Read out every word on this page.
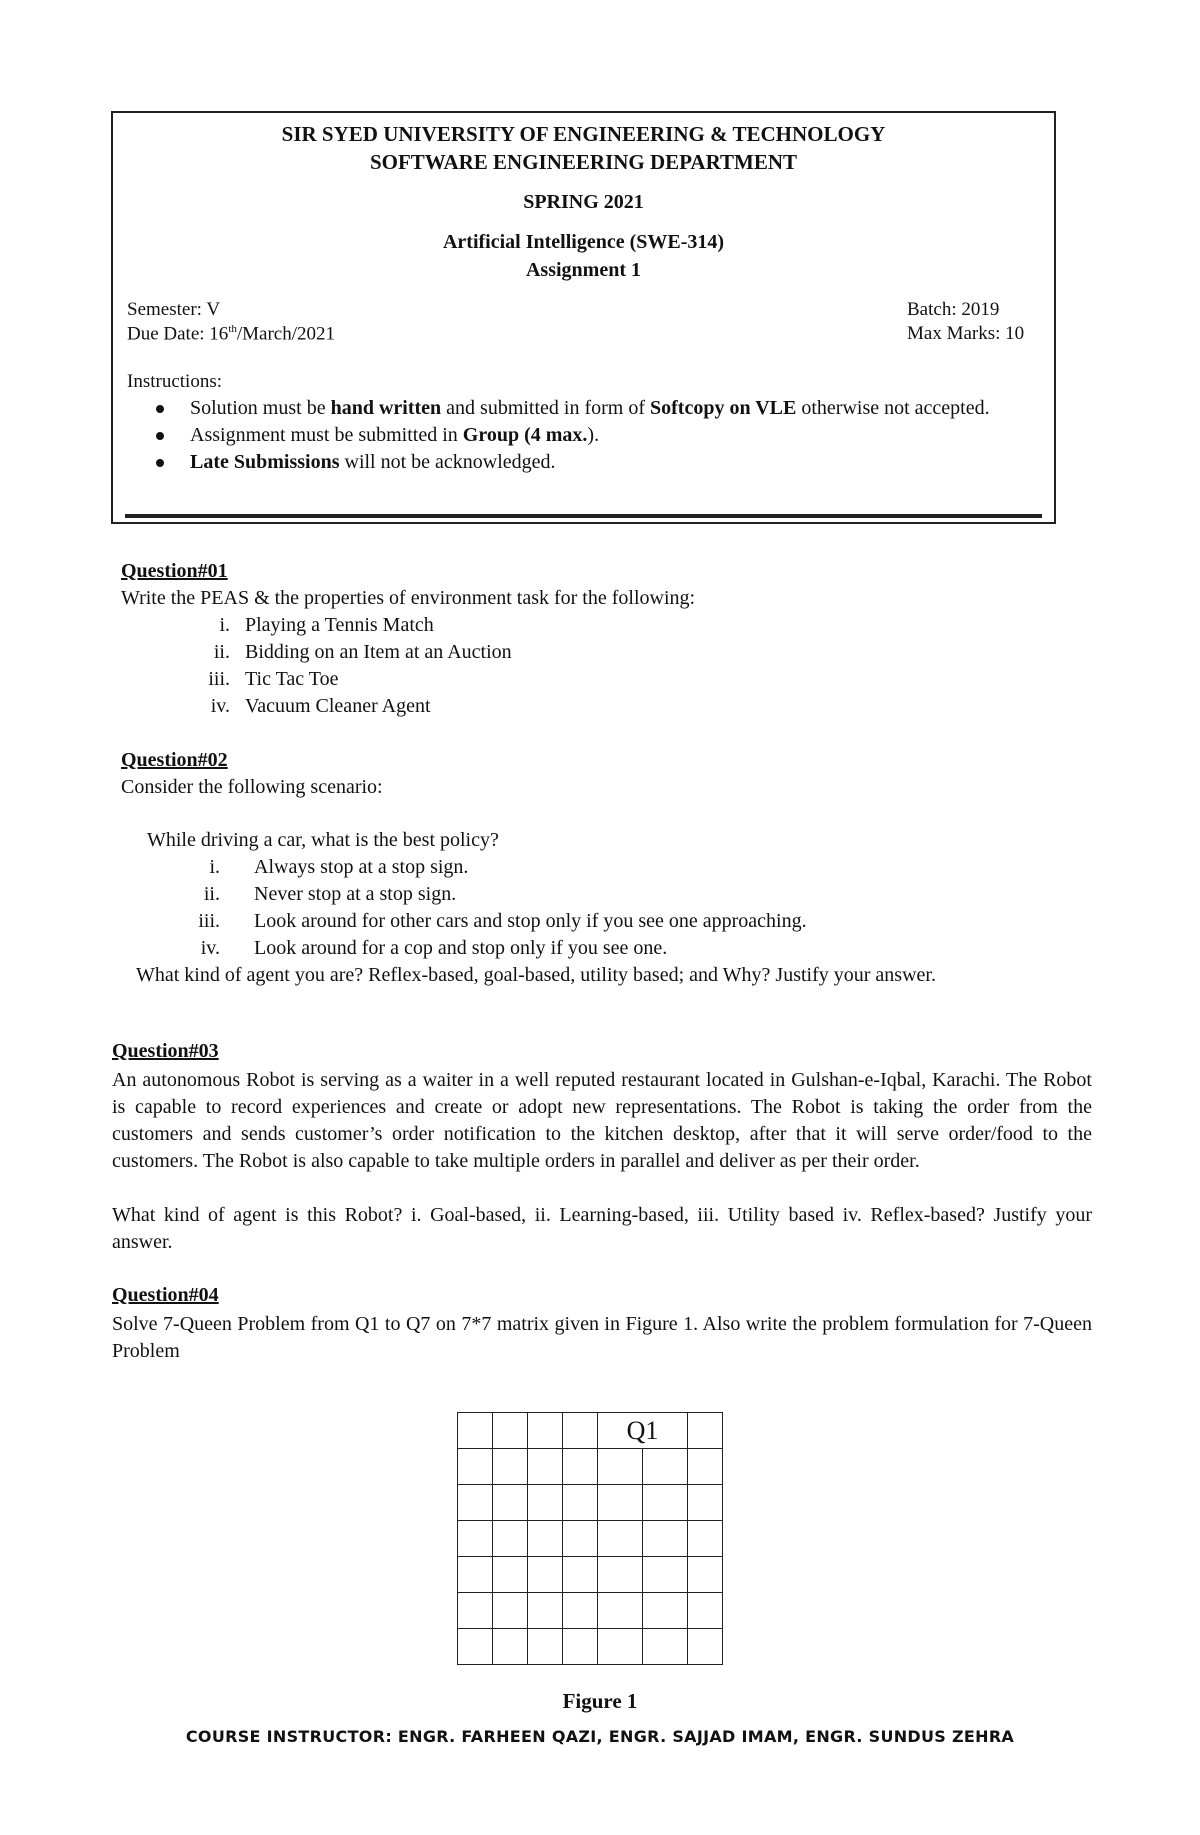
SIR SYED UNIVERSITY OF ENGINEERING & TECHNOLOGY
SOFTWARE ENGINEERING DEPARTMENT
SPRING 2021
Artificial Intelligence (SWE-314)
Assignment 1
Semester: V
Due Date: 16th/March/2021
Batch: 2019
Max Marks: 10
Instructions:
Solution must be hand written and submitted in form of Softcopy on VLE otherwise not accepted.
Assignment must be submitted in Group (4 max.).
Late Submissions will not be acknowledged.
Question#01
Write the PEAS & the properties of environment task for the following:
i. Playing a Tennis Match
ii. Bidding on an Item at an Auction
iii. Tic Tac Toe
iv. Vacuum Cleaner Agent
Question#02
Consider the following scenario:
While driving a car, what is the best policy?
i. Always stop at a stop sign.
ii. Never stop at a stop sign.
iii. Look around for other cars and stop only if you see one approaching.
iv. Look around for a cop and stop only if you see one.
What kind of agent you are? Reflex-based, goal-based, utility based; and Why? Justify your answer.
Question#03
An autonomous Robot is serving as a waiter in a well reputed restaurant located in Gulshan-e-Iqbal, Karachi. The Robot is capable to record experiences and create or adopt new representations. The Robot is taking the order from the customers and sends customer’s order notification to the kitchen desktop, after that it will serve order/food to the customers. The Robot is also capable to take multiple orders in parallel and deliver as per their order.
What kind of agent is this Robot? i. Goal-based, ii. Learning-based, iii. Utility based iv. Reflex-based? Justify your answer.
Question#04
Solve 7-Queen Problem from Q1 to Q7 on 7*7 matrix given in Figure 1. Also write the problem formulation for 7-Queen Problem
				Q1		

Figure 1
COURSE INSTRUCTOR: ENGR. FARHEEN QAZI, ENGR. SAJJAD IMAM, ENGR. SUNDUS ZEHRA
